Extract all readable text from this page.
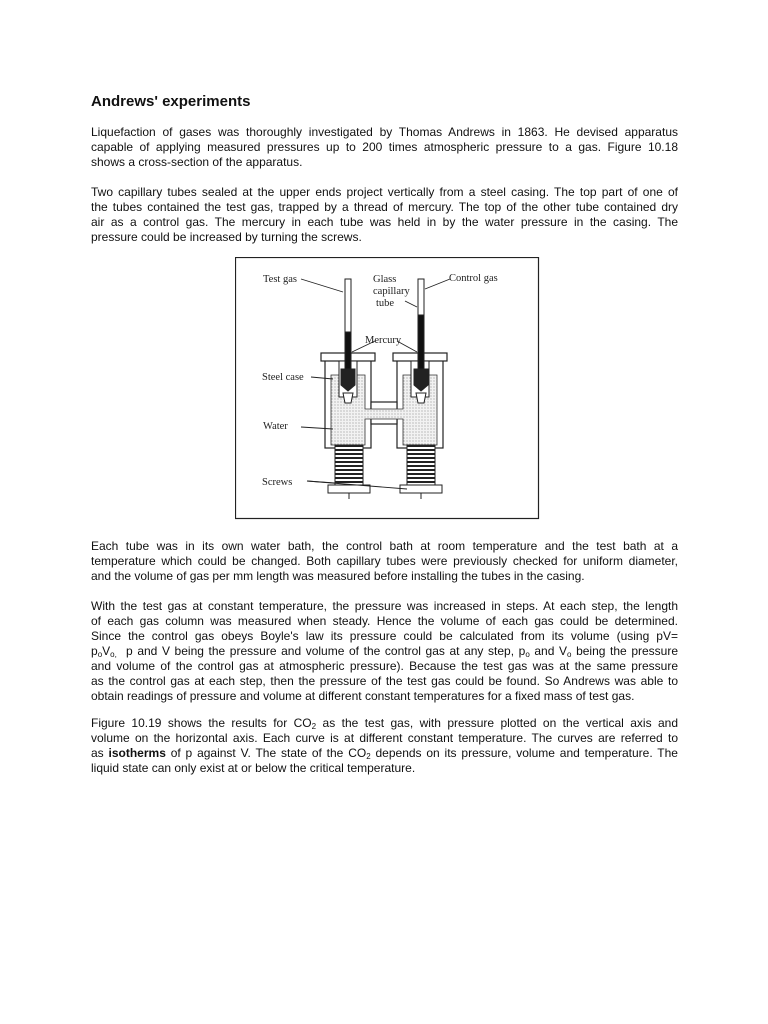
Andrews' experiments
Liquefaction of gases was thoroughly investigated by Thomas Andrews in 1863. He devised apparatus
capable of applying measured pressures up to 200 times atmospheric pressure to a gas. Figure 10.18
shows a cross-section of the apparatus.
Two capillary tubes sealed at the upper ends project vertically from a steel casing. The top part of one of
the tubes contained the test gas, trapped by a thread of mercury. The top of the other tube contained dry
air as a control gas. The mercury in each tube was held in by the water pressure in the casing. The
pressure could be increased by turning the screws.
Test gas	Glass
capillary
tube
Control gas
Mercury
Steel case
Water
Screws
Each tube was in its own water bath, the control bath at room temperature and the test bath at a
temperature which could be changed. Both capillary tubes were previously checked for uniform diameter,
and the volume of gas per mm length was measured before installing the tubes in the casing.
With the test gas at constant temperature, the pressure was increased in steps. At each step, the length
of each gas column was measured when steady. Hence the volume of each gas could be determined.
Since the control gas obeys Boyle's law its pressure could be calculated from its volume (using pV=
$p_oV_{o,}$ p and V being the pressure and volume of the control gas at any step, $p_o$ and $V_o$ being the pressure
and volume of the control gas at atmospheric pressure). Because the test gas was at the same pressure
as the control gas at each step, then the pressure of the test gas could be found. So Andrews was able to
obtain readings of pressure and volume at different constant temperatures for a fixed mass of test gas.
Figure 10.19 shows the results for $CO_2$ as the test gas, with pressure plotted on the vertical axis and
volume on the horizontal axis. Each curve is at different constant temperature. The curves are referred to
as isotherms of p against V. The state of the $CO_2$ depends on its pressure, volume and temperature. The
liquid state can only exist at or below the critical temperature.
